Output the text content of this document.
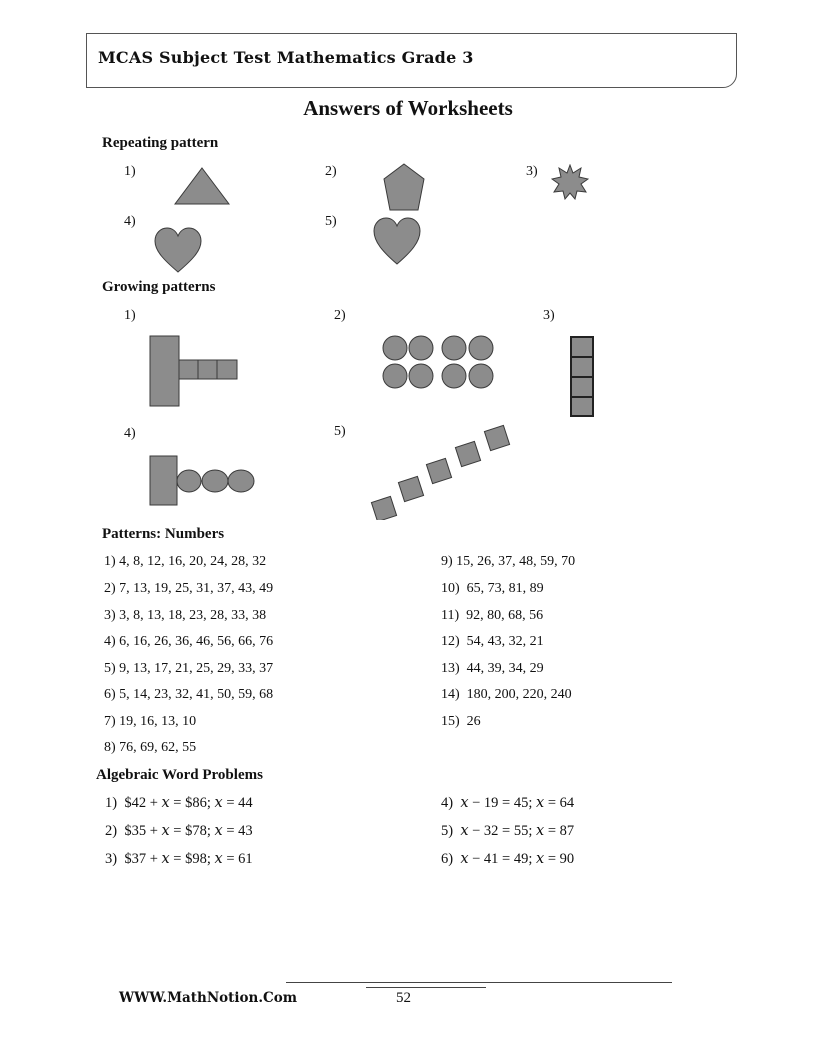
MCAS Subject Test Mathematics Grade 3
Answers of Worksheets
Repeating pattern
1)	2)	3)
4)	5)
Growing patterns
1)	2)	3)
4)	5)
Patterns: Numbers
1) 4, 8, 12, 16, 20, 24, 28, 32
2) 7, 13, 19, 25, 31, 37, 43, 49
3) 3, 8, 13, 18, 23, 28, 33, 38
4) 6, 16, 26, 36, 46, 56, 66, 76
5) 9, 13, 17, 21, 25, 29, 33, 37
6) 5, 14, 23, 32, 41, 50, 59, 68
7) 19, 16, 13, 10
8) 76, 69, 62, 55
9) 15, 26, 37, 48, 59, 70
10)  65, 73, 81, 89
11)  92, 80, 68, 56
12)  54, 43, 32, 21
13)  44, 39, 34, 29
14)  180, 200, 220, 240
15)  26
Algebraic Word Problems
1)  $42 + 𝑥 = $86; 𝑥 = 44
2)  $35 + 𝑥 = $78; 𝑥 = 43
3)  $37 + 𝑥 = $98; 𝑥 = 61
4)  𝑥 − 19 = 45; 𝑥 = 64
5)  𝑥 − 32 = 55; 𝑥 = 87
6)  𝑥 − 41 = 49; 𝑥 = 90
WWW.MathNotion.Com	52
